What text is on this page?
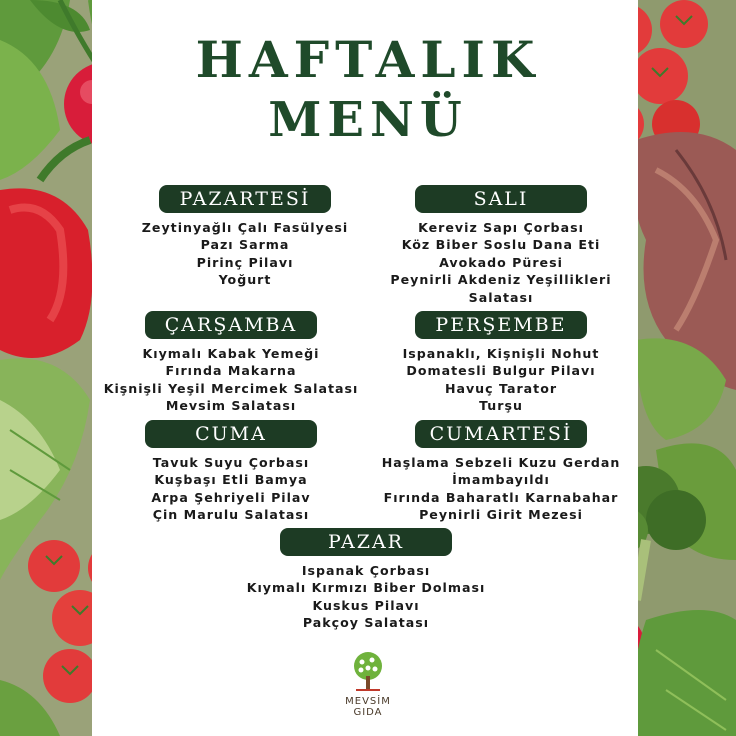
HAFTALIK
MENÜ
PAZARTESİ
Zeytinyağlı Çalı Fasülyesi
Pazı Sarma
Pirinç Pilavı
Yoğurt
SALI
Kereviz Sapı Çorbası
Köz Biber Soslu Dana Eti
Avokado Püresi
Peynirli Akdeniz Yeşillikleri
Salatası
ÇARŞAMBA
Kıymalı Kabak Yemeği
Fırında Makarna
Kişnişli Yeşil Mercimek Salatası
Mevsim Salatası
PERŞEMBE
Ispanaklı, Kişnişli Nohut
Domatesli Bulgur Pilavı
Havuç Tarator
Turşu
CUMA
Tavuk Suyu Çorbası
Kuşbaşı Etli Bamya
Arpa Şehriyeli Pilav
Çin Marulu Salatası
CUMARTESİ
Haşlama Sebzeli Kuzu Gerdan
İmambayıldı
Fırında Baharatlı Karnabahar
Peynirli Girit Mezesi
PAZAR
Ispanak Çorbası
Kıymalı Kırmızı Biber Dolması
Kuskus Pilavı
Pakçoy Salatası
MEVSİM
GIDA
